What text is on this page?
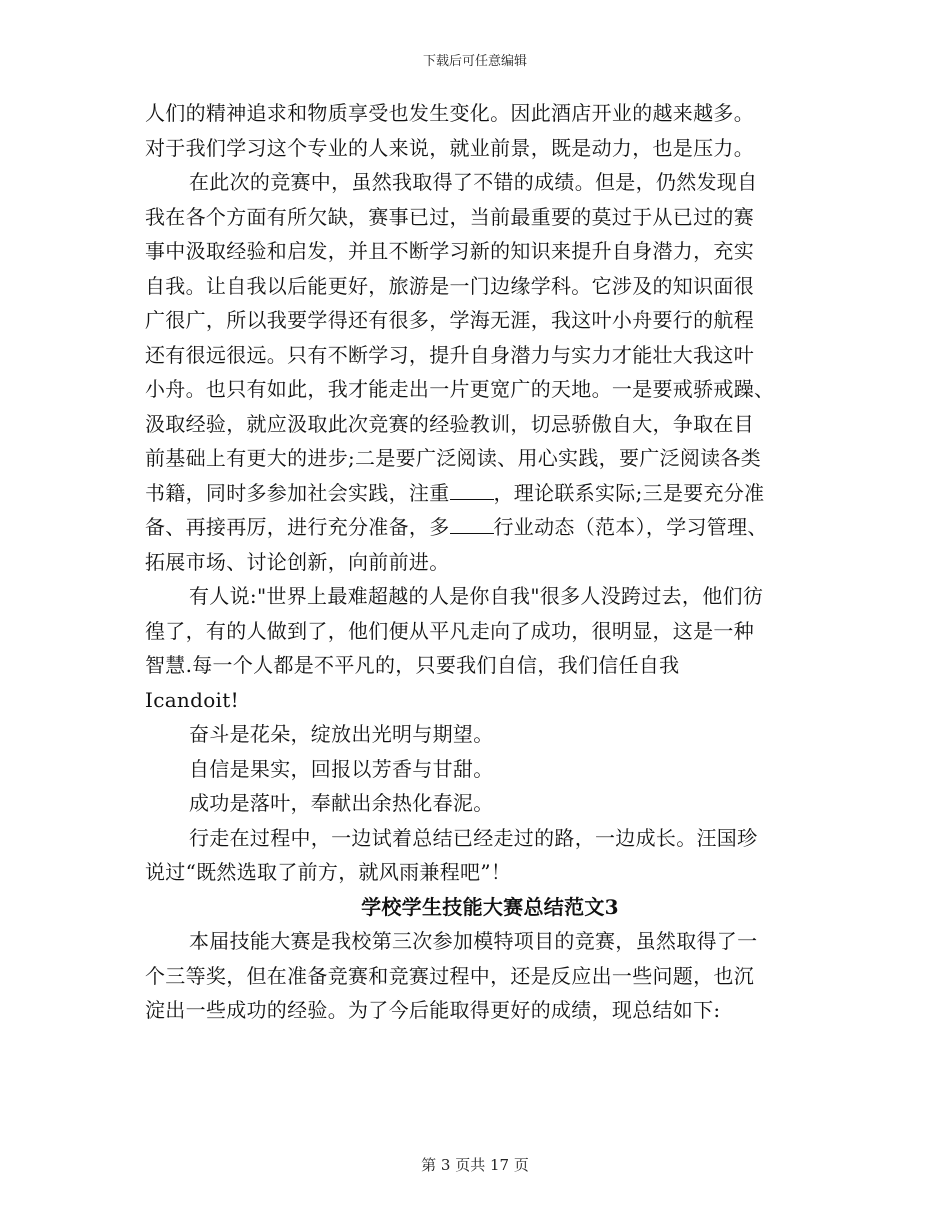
下载后可任意编辑
人们的精神追求和物质享受也发生变化。因此酒店开业的越来越多。
对于我们学习这个专业的人来说，就业前景，既是动力，也是压力。
在此次的竞赛中，虽然我取得了不错的成绩。但是，仍然发现自
我在各个方面有所欠缺，赛事已过，当前最重要的莫过于从已过的赛
事中汲取经验和启发，并且不断学习新的知识来提升自身潜力，充实
自我。让自我以后能更好，旅游是一门边缘学科。它涉及的知识面很
广很广，所以我要学得还有很多，学海无涯，我这叶小舟要行的航程
还有很远很远。只有不断学习，提升自身潜力与实力才能壮大我这叶
小舟。也只有如此，我才能走出一片更宽广的天地。一是要戒骄戒躁、
汲取经验，就应汲取此次竞赛的经验教训，切忌骄傲自大，争取在目
前基础上有更大的进步;二是要广泛阅读、用心实践，要广泛阅读各类
书籍，同时多参加社会实践，注重 ，理论联系实际;三是要充分准
备、再接再厉，进行充分准备，多 行业动态（范本），学习管理、
拓展市场、讨论创新，向前前进。
有人说:"世界上最难超越的人是你自我"很多人没跨过去，他们彷
徨了，有的人做到了，他们便从平凡走向了成功，很明显，这是一种
智慧.每一个人都是不平凡的，只要我们自信，我们信任自我
Icandoit!
奋斗是花朵，绽放出光明与期望。
自信是果实，回报以芳香与甘甜。
成功是落叶，奉献出余热化春泥。
行走在过程中，一边试着总结已经走过的路，一边成长。汪国珍
说过“既然选取了前方，就风雨兼程吧”！
学校学生技能大赛总结范文3
本届技能大赛是我校第三次参加模特项目的竞赛，虽然取得了一
个三等奖，但在准备竞赛和竞赛过程中，还是反应出一些问题，也沉
淀出一些成功的经验。为了今后能取得更好的成绩，现总结如下:
第 3 页共 17 页
